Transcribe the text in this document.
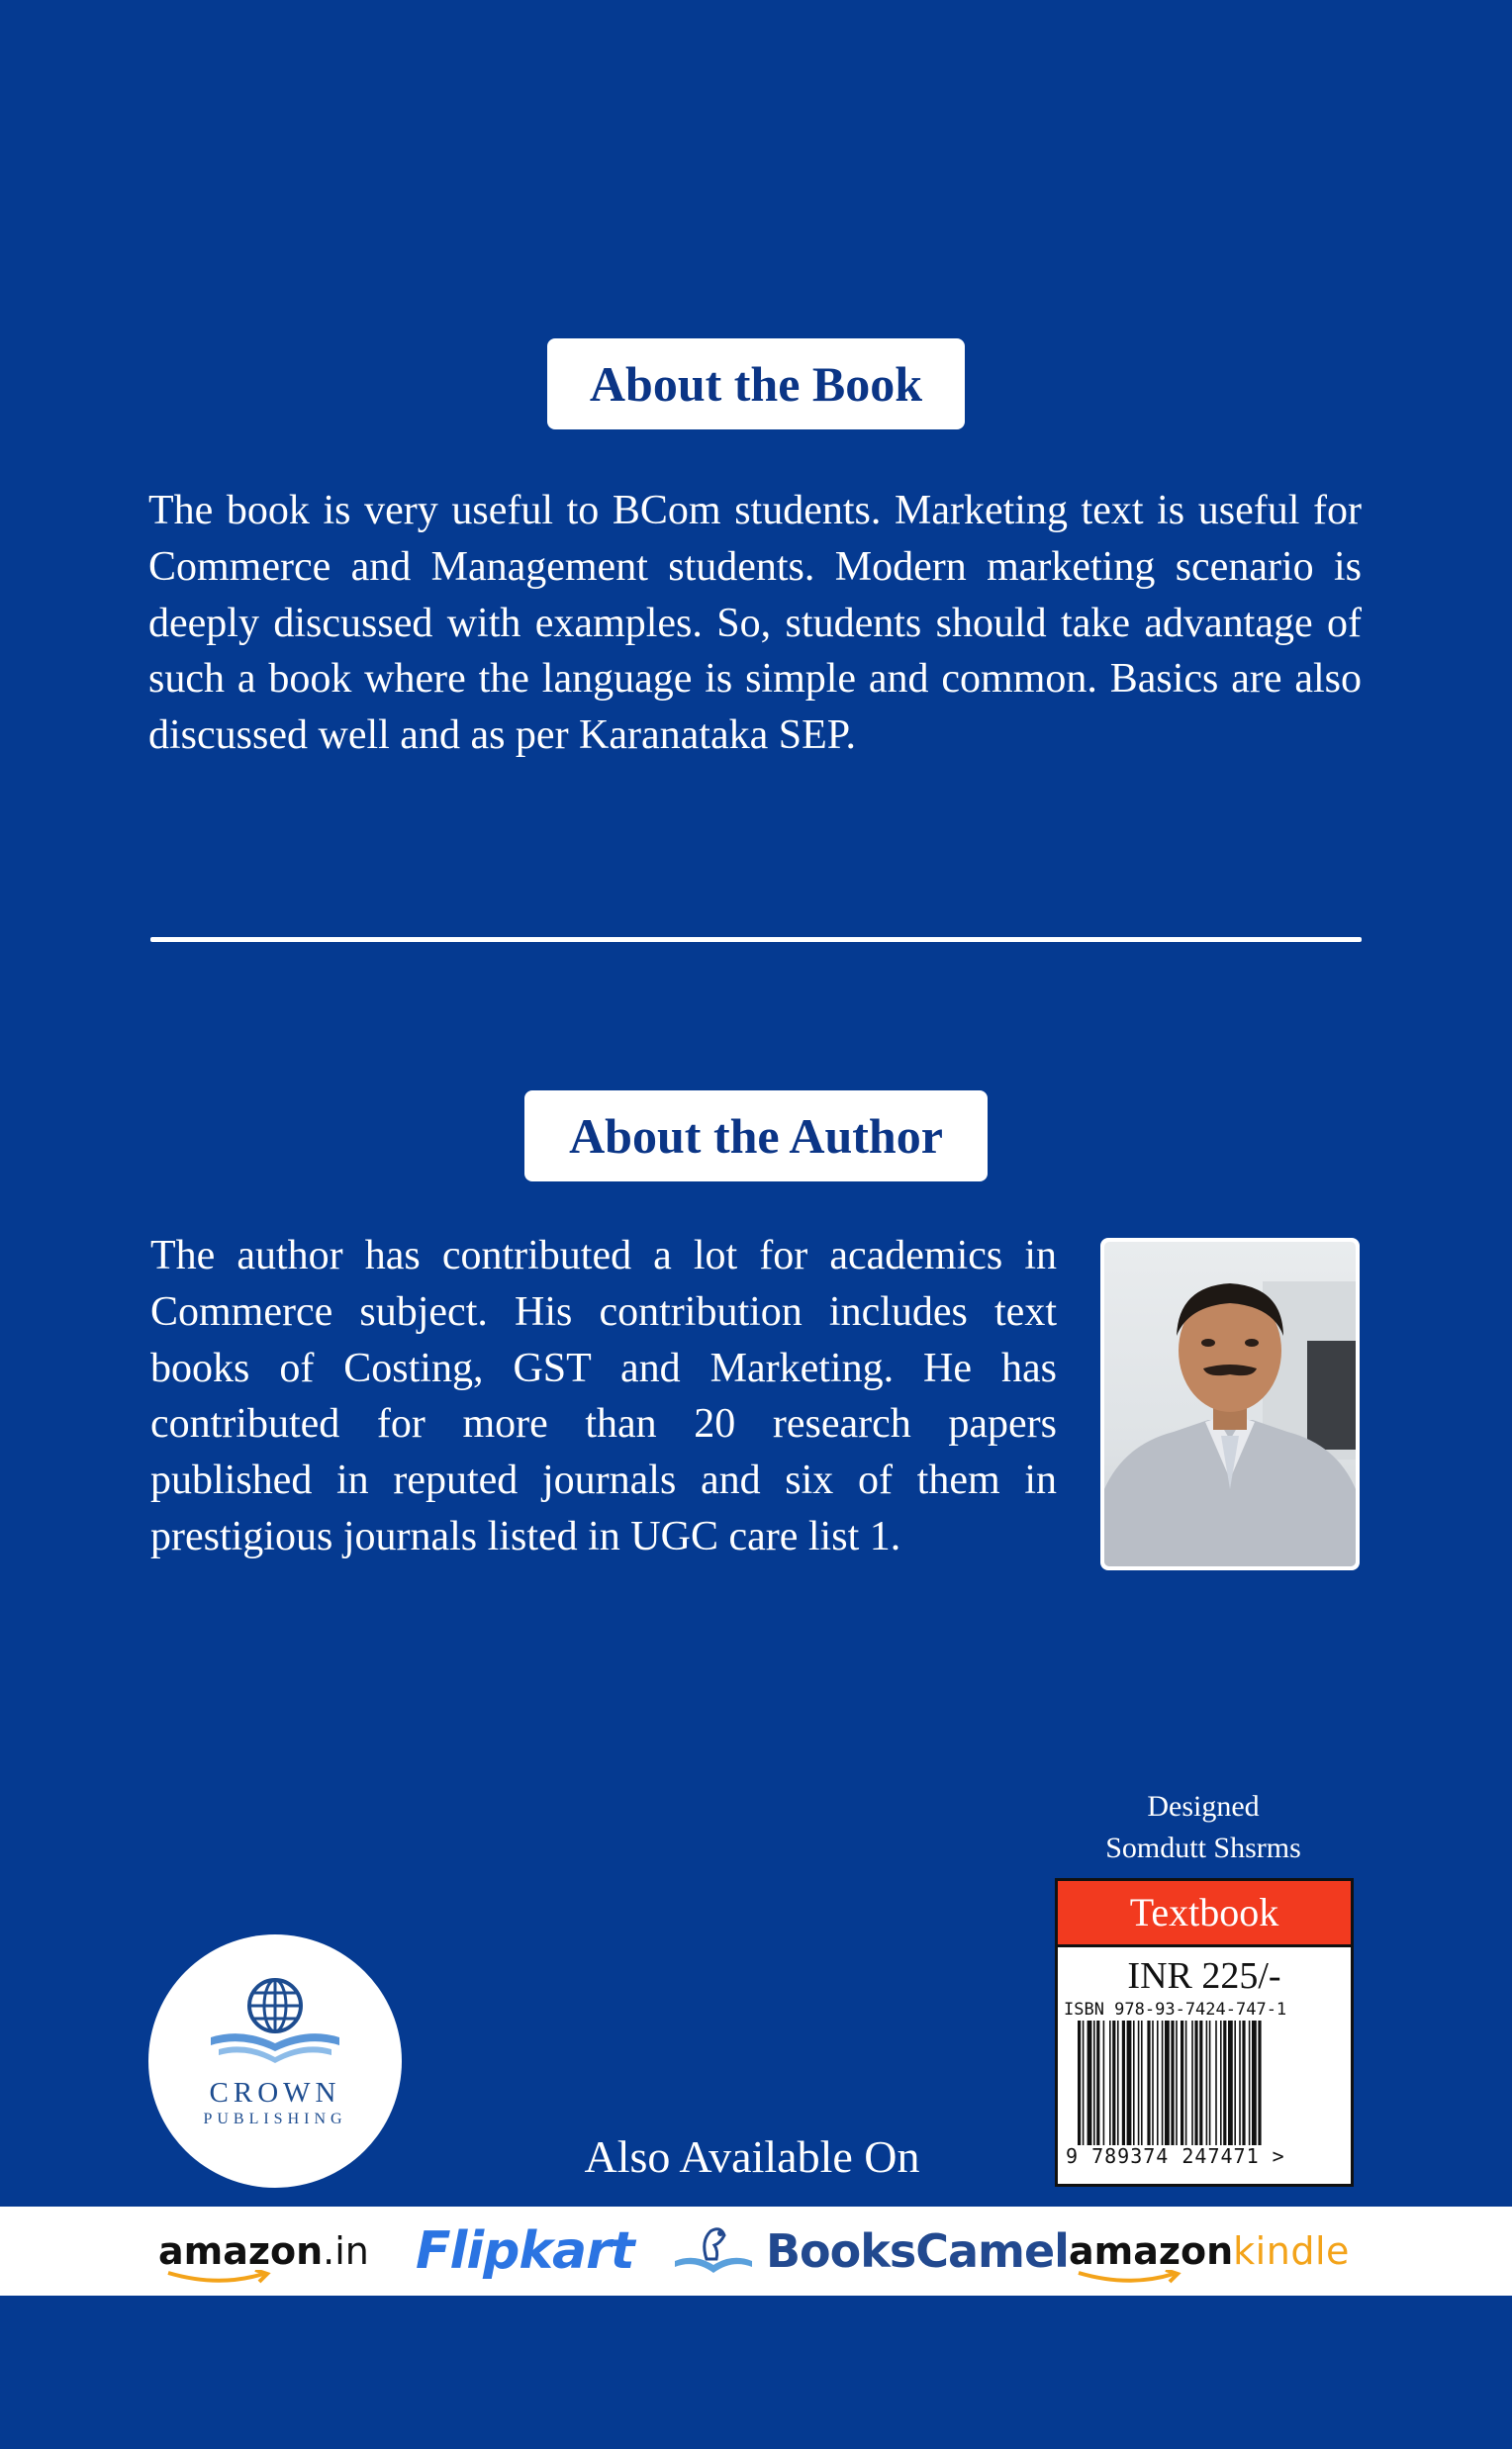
About the Book
The book is very useful to BCom students. Marketing text is useful for Commerce and Management students. Modern marketing scenario is deeply discussed with examples. So, students should take advantage of such a book where the language is simple and common. Basics are also discussed well and as per Karanataka SEP.
About the Author
The author has contributed a lot for academics in Commerce subject. His contribution includes text books of Costing, GST and Marketing. He has contributed for more than 20 research papers published in reputed journals and six of them in prestigious journals listed in UGC care list 1.
Designed
Somdutt Shsrms
Textbook
INR 225/-
ISBN 978-93-7424-747-1
9 789374 247471 >
CROWN
PUBLISHING
Also Available On
amazon .in Flipkart	BooksCamel amazon kindle
